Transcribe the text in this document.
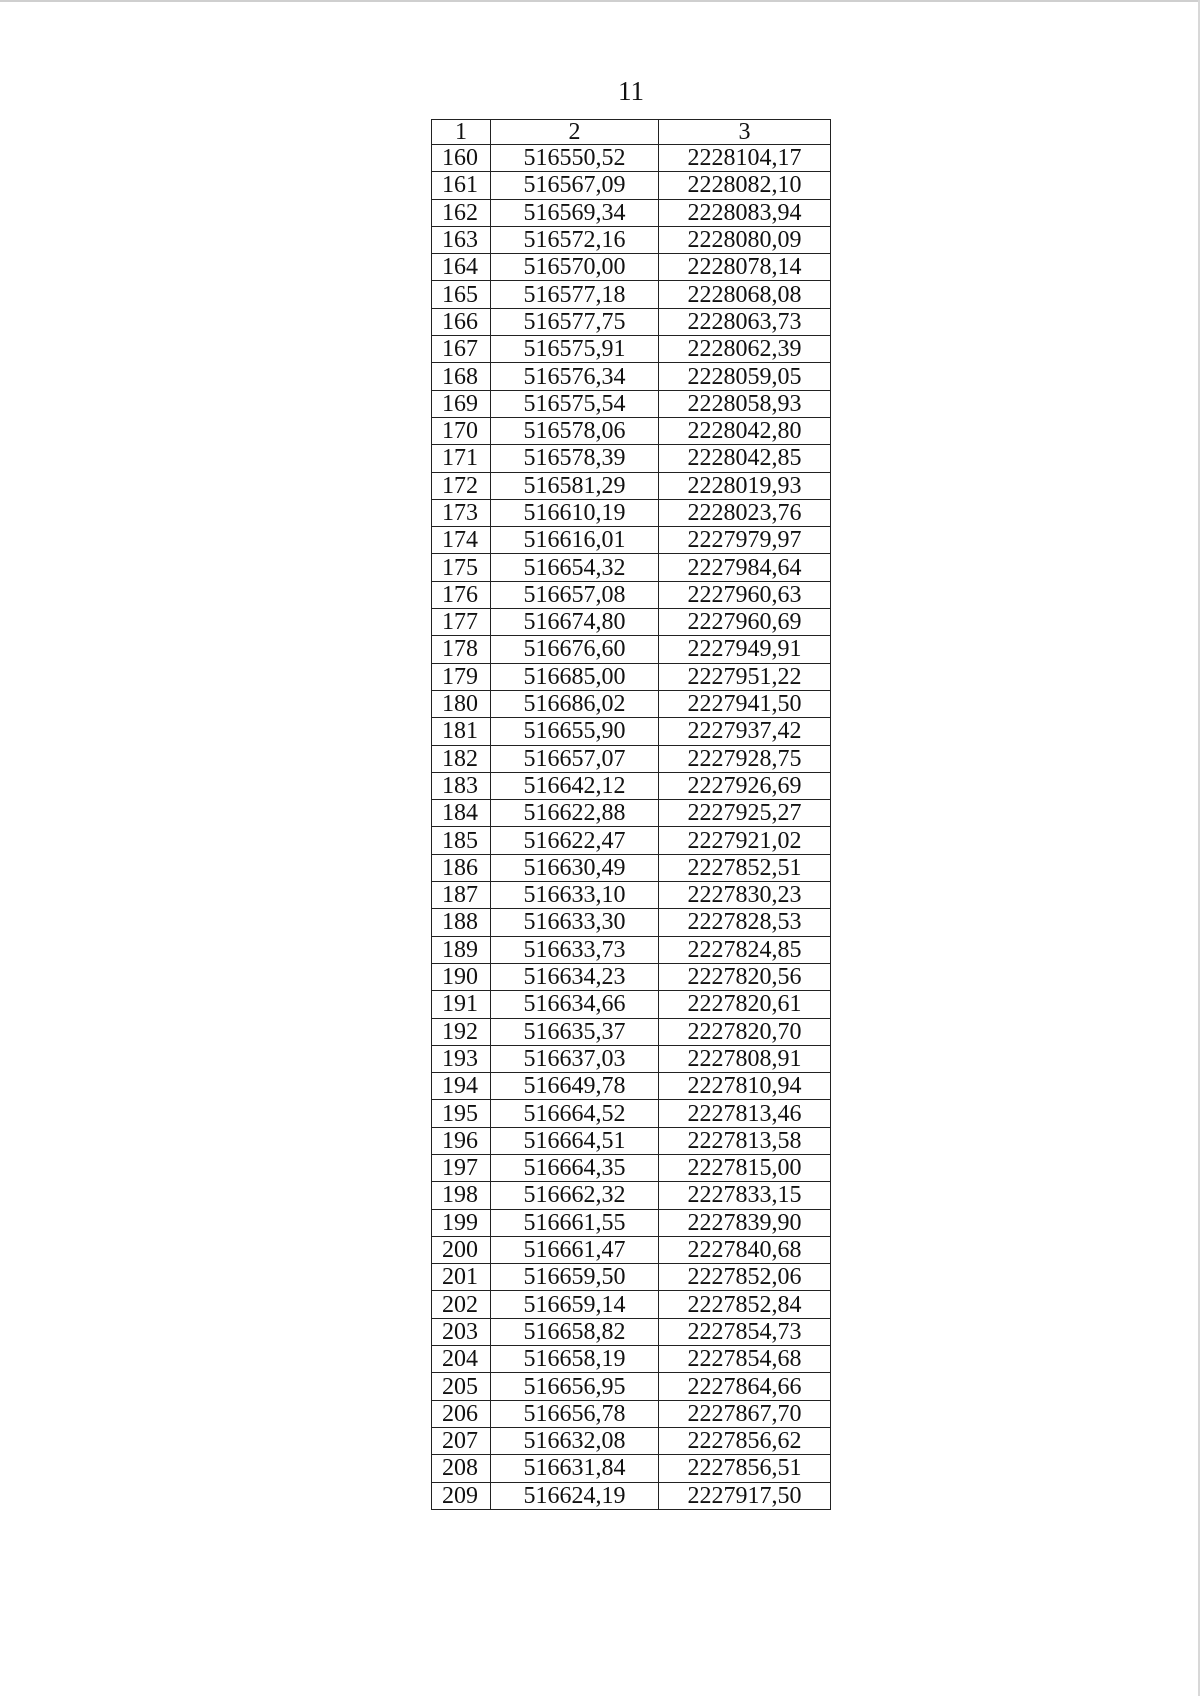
11
1	2	3
160	516550,52	2228104,17
161	516567,09	2228082,10
162	516569,34	2228083,94
163	516572,16	2228080,09
164	516570,00	2228078,14
165	516577,18	2228068,08
166	516577,75	2228063,73
167	516575,91	2228062,39
168	516576,34	2228059,05
169	516575,54	2228058,93
170	516578,06	2228042,80
171	516578,39	2228042,85
172	516581,29	2228019,93
173	516610,19	2228023,76
174	516616,01	2227979,97
175	516654,32	2227984,64
176	516657,08	2227960,63
177	516674,80	2227960,69
178	516676,60	2227949,91
179	516685,00	2227951,22
180	516686,02	2227941,50
181	516655,90	2227937,42
182	516657,07	2227928,75
183	516642,12	2227926,69
184	516622,88	2227925,27
185	516622,47	2227921,02
186	516630,49	2227852,51
187	516633,10	2227830,23
188	516633,30	2227828,53
189	516633,73	2227824,85
190	516634,23	2227820,56
191	516634,66	2227820,61
192	516635,37	2227820,70
193	516637,03	2227808,91
194	516649,78	2227810,94
195	516664,52	2227813,46
196	516664,51	2227813,58
197	516664,35	2227815,00
198	516662,32	2227833,15
199	516661,55	2227839,90
200	516661,47	2227840,68
201	516659,50	2227852,06
202	516659,14	2227852,84
203	516658,82	2227854,73
204	516658,19	2227854,68
205	516656,95	2227864,66
206	516656,78	2227867,70
207	516632,08	2227856,62
208	516631,84	2227856,51
209	516624,19	2227917,50
